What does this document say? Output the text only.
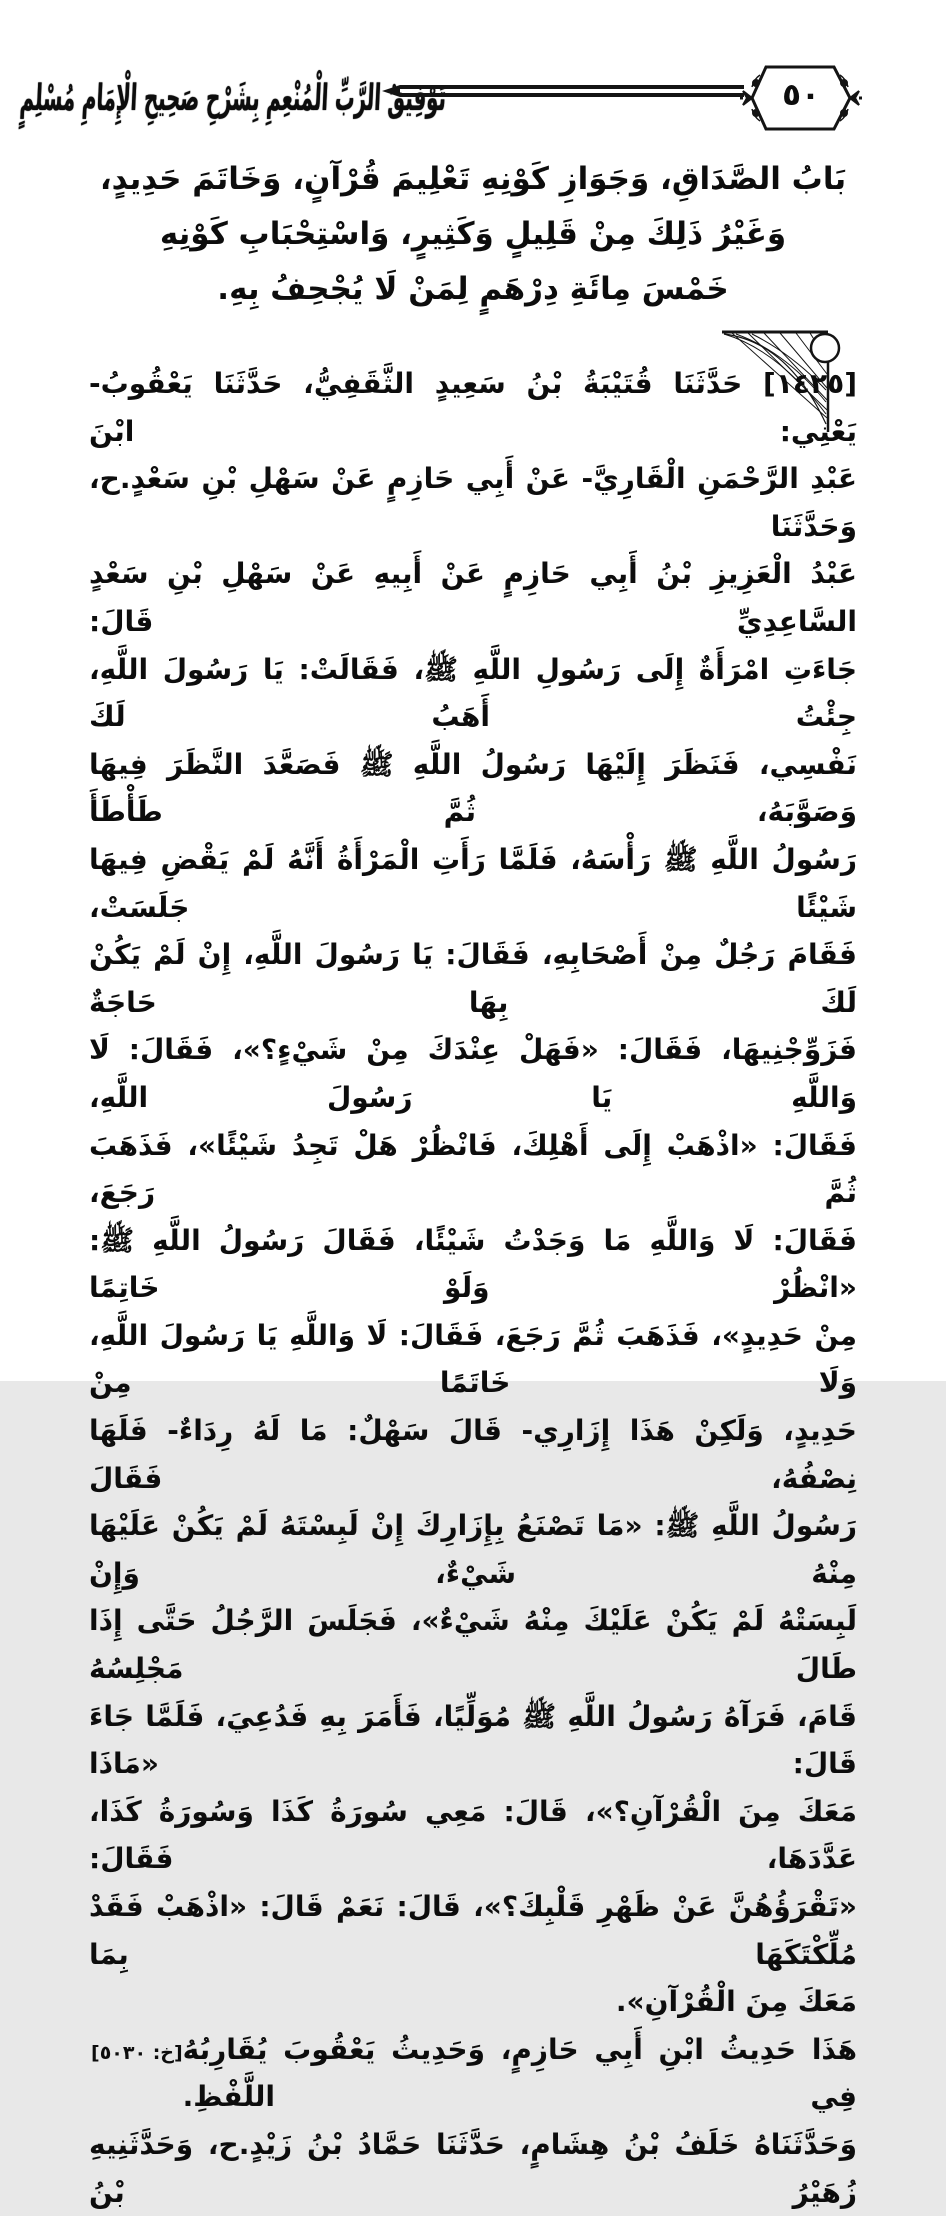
تَوْفِيقُ الرَّبِّ الْمُنْعِمِ بِشَرْحِ صَحِيحِ الْإِمَامِ مُسْلِمٍ	٥٠
بَابُ الصَّدَاقِ، وَجَوَازِ كَوْنِهِ تَعْلِيمَ قُرْآنٍ، وَخَاتَمَ حَدِيدٍ،
وَغَيْرُ ذَلِكَ مِنْ قَلِيلٍ وَكَثِيرٍ، وَاسْتِحْبَابِ كَوْنِهِ
خَمْسَ مِائَةِ دِرْهَمٍ لِمَنْ لَا يُجْحِفُ بِهِ.
[١٤٢٥] حَدَّثَنَا قُتَيْبَةُ بْنُ سَعِيدٍ الثَّقَفِيُّ، حَدَّثَنَا يَعْقُوبُ- يَعْنِي: ابْنَ
عَبْدِ الرَّحْمَنِ الْقَارِيَّ- عَنْ أَبِي حَازِمٍ عَنْ سَهْلِ بْنِ سَعْدٍ.ح، وَحَدَّثَنَا
عَبْدُ الْعَزِيزِ بْنُ أَبِي حَازِمٍ عَنْ أَبِيهِ عَنْ سَهْلِ بْنِ سَعْدٍ السَّاعِدِيِّ قَالَ:
جَاءَتِ امْرَأَةٌ إِلَى رَسُولِ اللَّهِ ﷺ، فَقَالَتْ: يَا رَسُولَ اللَّهِ، جِئْتُ أَهَبُ لَكَ
نَفْسِي، فَنَظَرَ إِلَيْهَا رَسُولُ اللَّهِ ﷺ فَصَعَّدَ النَّظَرَ فِيهَا وَصَوَّبَهُ، ثُمَّ طَأْطَأَ
رَسُولُ اللَّهِ ﷺ رَأْسَهُ، فَلَمَّا رَأَتِ الْمَرْأَةُ أَنَّهُ لَمْ يَقْضِ فِيهَا شَيْئًا جَلَسَتْ،
فَقَامَ رَجُلٌ مِنْ أَصْحَابِهِ، فَقَالَ: يَا رَسُولَ اللَّهِ، إِنْ لَمْ يَكُنْ لَكَ بِهَا حَاجَةٌ
فَزَوِّجْنِيهَا، فَقَالَ: «فَهَلْ عِنْدَكَ مِنْ شَيْءٍ؟»، فَقَالَ: لَا وَاللَّهِ يَا رَسُولَ اللَّهِ،
فَقَالَ: «اذْهَبْ إِلَى أَهْلِكَ، فَانْظُرْ هَلْ تَجِدُ شَيْئًا»، فَذَهَبَ ثُمَّ رَجَعَ،
فَقَالَ: لَا وَاللَّهِ مَا وَجَدْتُ شَيْئًا، فَقَالَ رَسُولُ اللَّهِ ﷺ: «انْظُرْ وَلَوْ خَاتِمًا
مِنْ حَدِيدٍ»، فَذَهَبَ ثُمَّ رَجَعَ، فَقَالَ: لَا وَاللَّهِ يَا رَسُولَ اللَّهِ، وَلَا خَاتَمًا مِنْ
حَدِيدٍ، وَلَكِنْ هَذَا إِزَارِي- قَالَ سَهْلٌ: مَا لَهُ رِدَاءٌ- فَلَهَا نِصْفُهُ، فَقَالَ
رَسُولُ اللَّهِ ﷺ: «مَا تَصْنَعُ بِإِزَارِكَ إِنْ لَبِسْتَهُ لَمْ يَكُنْ عَلَيْهَا مِنْهُ شَيْءٌ، وَإِنْ
لَبِسَتْهُ لَمْ يَكُنْ عَلَيْكَ مِنْهُ شَيْءٌ»، فَجَلَسَ الرَّجُلُ حَتَّى إِذَا طَالَ مَجْلِسُهُ
قَامَ، فَرَآهُ رَسُولُ اللَّهِ ﷺ مُوَلِّيًا، فَأَمَرَ بِهِ فَدُعِيَ، فَلَمَّا جَاءَ قَالَ: «مَاذَا
مَعَكَ مِنَ الْقُرْآنِ؟»، قَالَ: مَعِي سُورَةُ كَذَا وَسُورَةُ كَذَا، عَدَّدَهَا، فَقَالَ:
«تَقْرَؤُهُنَّ عَنْ ظَهْرِ قَلْبِكَ؟»، قَالَ: نَعَمْ قَالَ: «اذْهَبْ فَقَدْ مُلِّكْتَكَهَا بِمَا
مَعَكَ مِنَ الْقُرْآنِ».
هَذَا حَدِيثُ ابْنِ أَبِي حَازِمٍ، وَحَدِيثُ يَعْقُوبَ يُقَارِبُهُ فِي اللَّفْظِ.
[خ: ٥٠٣٠]
وَحَدَّثَنَاهُ خَلَفُ بْنُ هِشَامٍ، حَدَّثَنَا حَمَّادُ بْنُ زَيْدٍ.ح، وَحَدَّثَنِيهِ زُهَيْرُ بْنُ
